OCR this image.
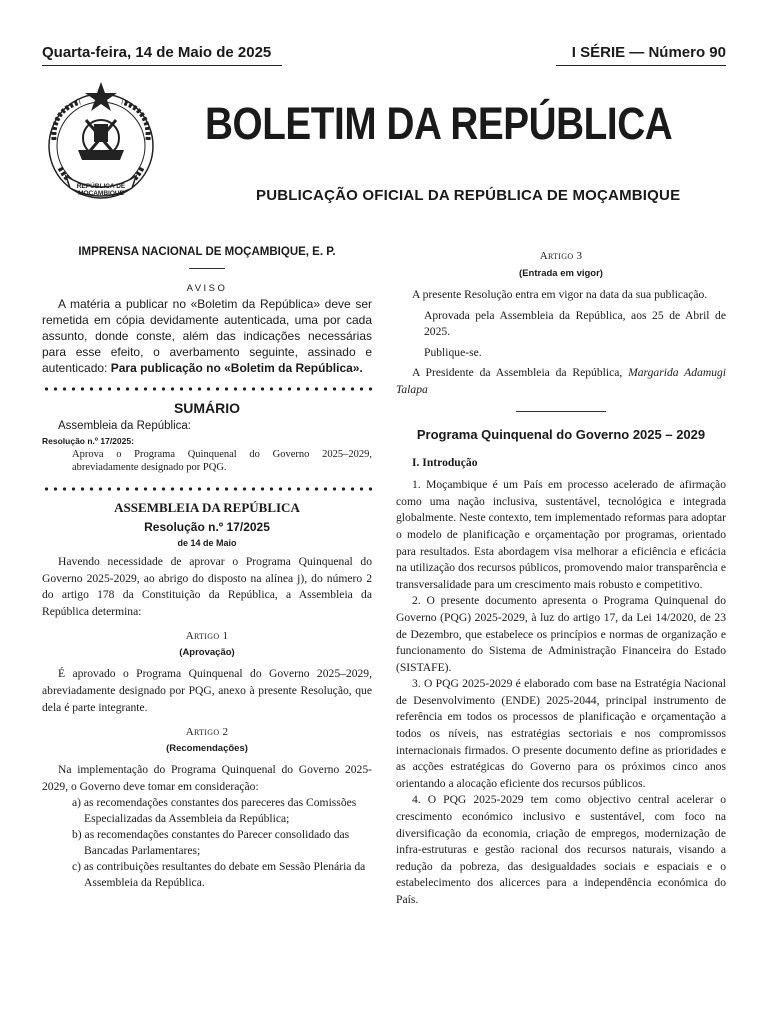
Quarta-feira, 14 de Maio de 2025	I SÉRIE — Número 90
REPÚBLICA DE
MOÇAMBIQUE
BOLETIM DA REPÚBLICA
PUBLICAÇÃO OFICIAL DA REPÚBLICA DE MOÇAMBIQUE

IMPRENSA NACIONAL DE MOÇAMBIQUE, E. P.

AVISO

A matéria a publicar no «Boletim da República» deve ser remetida em cópia devidamente autenticada, uma por cada assunto, donde conste, além das indicações necessárias para esse efeito, o averbamento seguinte, assinado e autenticado: Para publicação no «Boletim da República».

SUMÁRIO

Assembleia da República:

Resolução n.º 17/2025:

Aprova o Programa Quinquenal do Governo 2025–2029, abreviadamente designado por PQG.

ASSEMBLEIA DA REPÚBLICA

Resolução n.º 17/2025

de 14 de Maio

Havendo necessidade de aprovar o Programa Quinquenal do Governo 2025-2029, ao abrigo do disposto na alínea j), do número 2 do artigo 178 da Constituição da República, a Assembleia da República determina:

Artigo 1

(Aprovação)

É aprovado o Programa Quinquenal do Governo 2025–2029, abreviadamente designado por PQG, anexo à presente Resolução, que dela é parte integrante.

Artigo 2

(Recomendações)

Na implementação do Programa Quinquenal do Governo 2025-2029, o Governo deve tomar em consideração:

a) as recomendações constantes dos pareceres das Comissões Especializadas da Assembleia da República;

b) as recomendações constantes do Parecer consolidado das Bancadas Parlamentares;

c) as contribuições resultantes do debate em Sessão Plenária da Assembleia da República.

Artigo 3

(Entrada em vigor)

A presente Resolução entra em vigor na data da sua publicação.

Aprovada pela Assembleia da República, aos 25 de Abril de 2025.

Publique-se.

A Presidente da Assembleia da República, Margarida Adamugi Talapa

Programa Quinquenal do Governo 2025 – 2029

I. Introdução

1. Moçambique é um País em processo acelerado de afirmação como uma nação inclusiva, sustentável, tecnológica e integrada globalmente. Neste contexto, tem implementado reformas para adoptar o modelo de planificação e orçamentação por programas, orientado para resultados. Esta abordagem visa melhorar a eficiência e eficácia na utilização dos recursos públicos, promovendo maior transparência e transversalidade para um crescimento mais robusto e competitivo.

2. O presente documento apresenta o Programa Quinquenal do Governo (PQG) 2025-2029, à luz do artigo 17, da Lei 14/2020, de 23 de Dezembro, que estabelece os princípios e normas de organização e funcionamento do Sistema de Administração Financeira do Estado (SISTAFE).

3. O PQG 2025-2029 é elaborado com base na Estratégia Nacional de Desenvolvimento (ENDE) 2025-2044, principal instrumento de referência em todos os processos de planificação e orçamentação a todos os níveis, nas estratégias sectoriais e nos compromissos internacionais firmados. O presente documento define as prioridades e as acções estratégicas do Governo para os próximos cinco anos orientando a alocação eficiente dos recursos públicos.

4. O PQG 2025-2029 tem como objectivo central acelerar o crescimento económico inclusivo e sustentável, com foco na diversificação da economia, criação de empregos, modernização de infra-estruturas e gestão racional dos recursos naturais, visando a redução da pobreza, das desigualdades sociais e espaciais e o estabelecimento dos alicerces para a independência económica do País.
